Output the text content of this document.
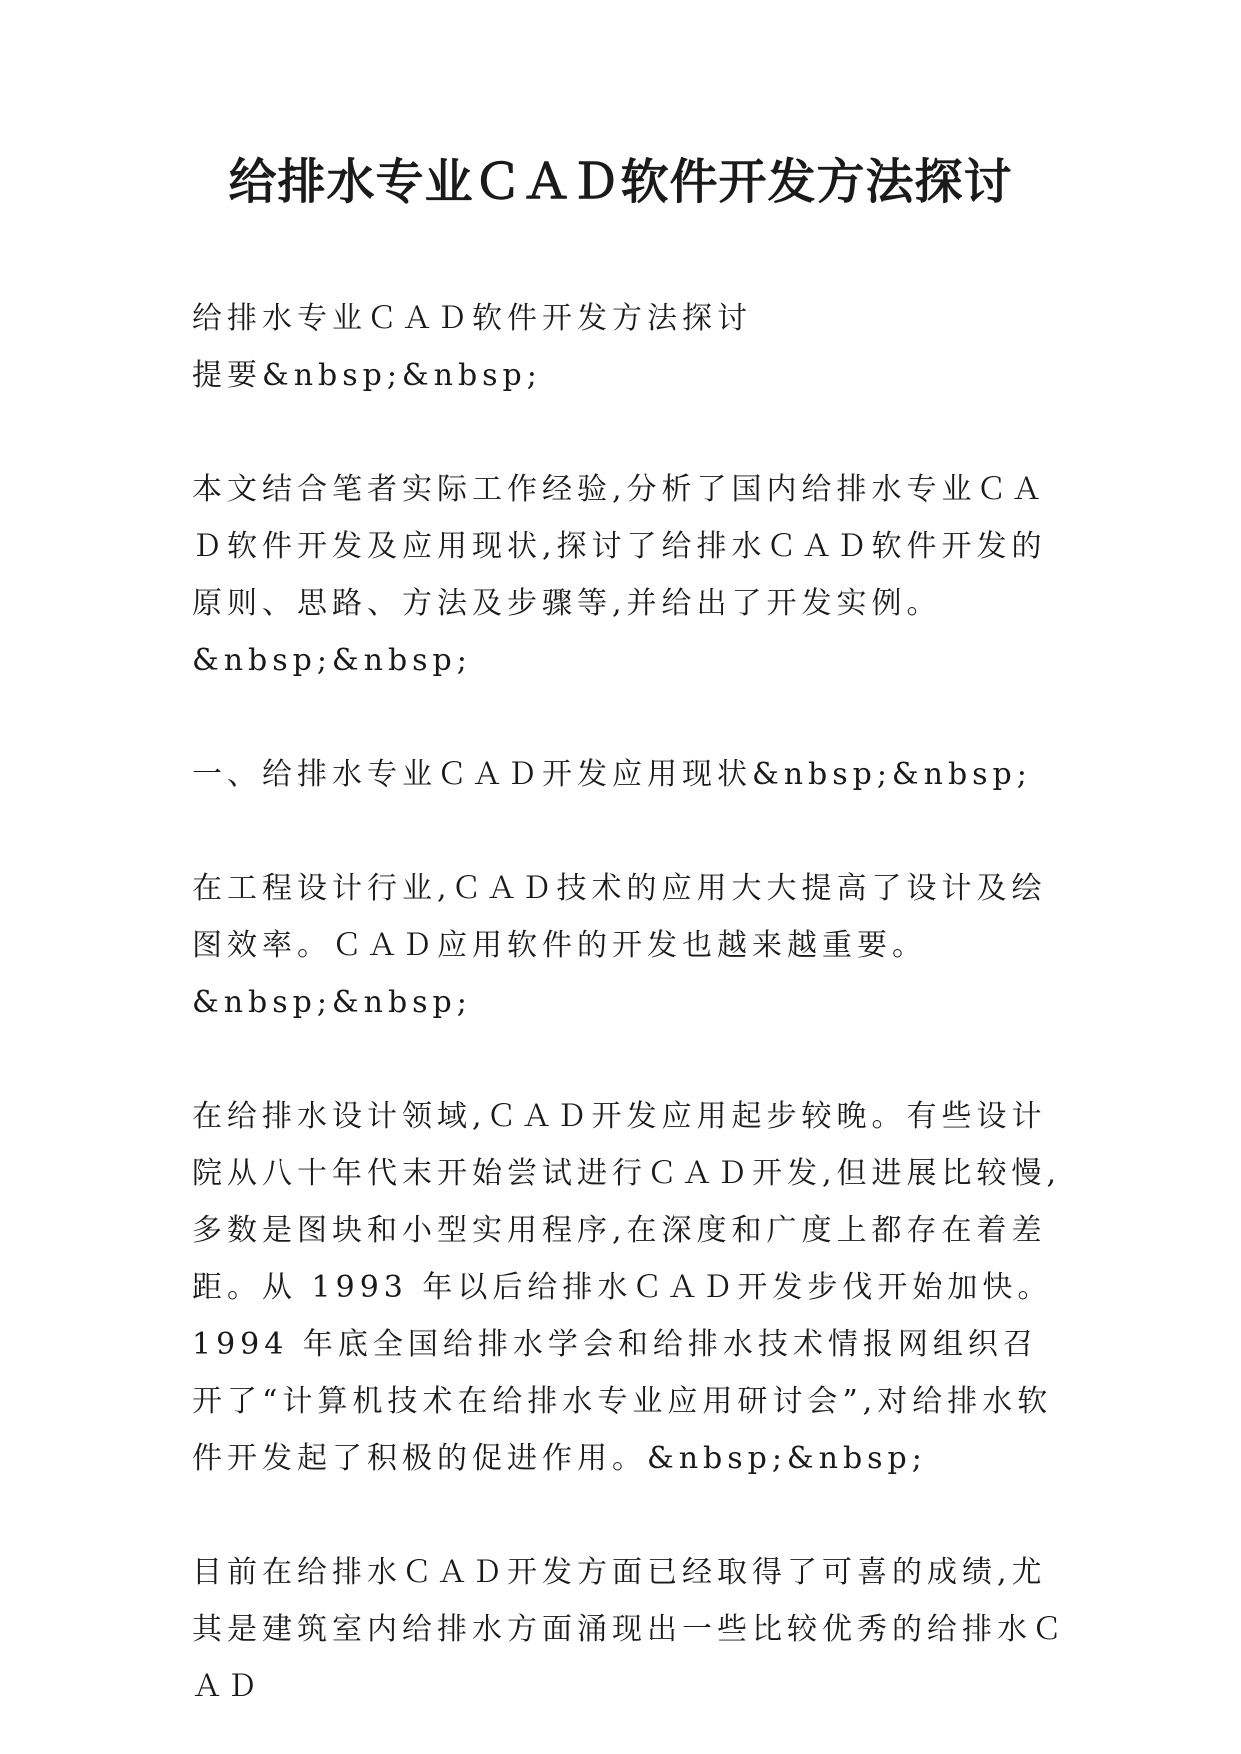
给排水专业ＣＡＤ软件开发方法探讨

给排水专业ＣＡＤ软件开发方法探讨

提要&nbsp;&nbsp;

本文结合笔者实际工作经验,分析了国内给排水专业ＣＡＤ软件开发及应用现状,探讨了给排水ＣＡＤ软件开发的原则、思路、方法及步骤等,并给出了开发实例。&nbsp;&nbsp;

一、给排水专业ＣＡＤ开发应用现状&nbsp;&nbsp;

在工程设计行业,ＣＡＤ技术的应用大大提高了设计及绘图效率。ＣＡＤ应用软件的开发也越来越重要。&nbsp;&nbsp;

在给排水设计领域,ＣＡＤ开发应用起步较晚。有些设计院从八十年代末开始尝试进行ＣＡＤ开发,但进展比较慢,多数是图块和小型实用程序,在深度和广度上都存在着差距。从 1993 年以后给排水ＣＡＤ开发步伐开始加快。1994 年底全国给排水学会和给排水技术情报网组织召开了“计算机技术在给排水专业应用研讨会”,对给排水软件开发起了积极的促进作用。&nbsp;&nbsp;

目前在给排水ＣＡＤ开发方面已经取得了可喜的成绩,尤其是建筑室内给排水方面涌现出一些比较优秀的给排水ＣＡＤ
